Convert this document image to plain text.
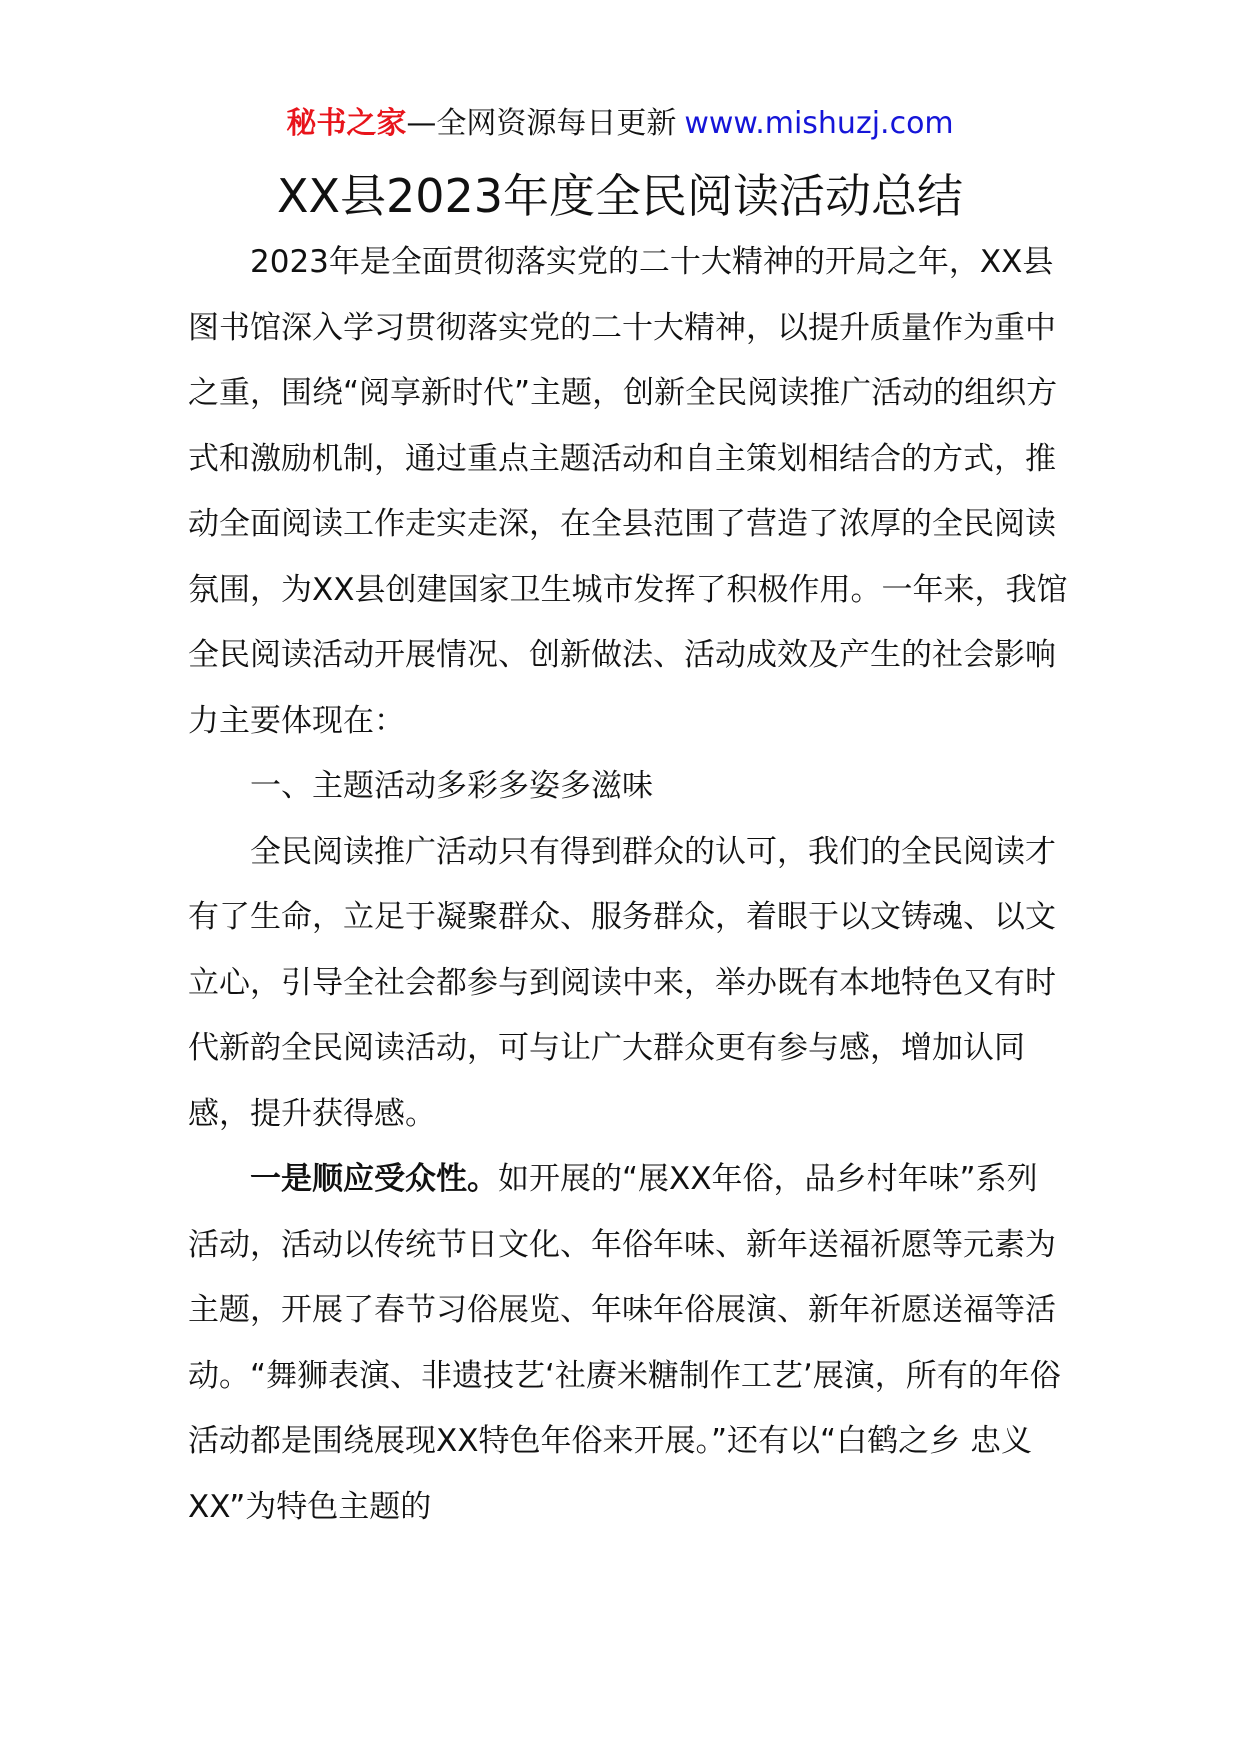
秘书之家—全网资源每日更新 www.mishuzj.com
XX县2023年度全民阅读活动总结

2023年是全面贯彻落实党的二十大精神的开局之年，XX县图书馆深入学习贯彻落实党的二十大精神，以提升质量作为重中之重，围绕“阅享新时代”主题，创新全民阅读推广活动的组织方式和激励机制，通过重点主题活动和自主策划相结合的方式，推动全面阅读工作走实走深，在全县范围了营造了浓厚的全民阅读氛围，为XX县创建国家卫生城市发挥了积极作用。一年来，我馆全民阅读活动开展情况、创新做法、活动成效及产生的社会影响力主要体现在：

一、主题活动多彩多姿多滋味

全民阅读推广活动只有得到群众的认可，我们的全民阅读才有了生命，立足于凝聚群众、服务群众，着眼于以文铸魂、以文立心，引导全社会都参与到阅读中来，举办既有本地特色又有时代新韵全民阅读活动，可与让广大群众更有参与感，增加认同感，提升获得感。

一是顺应受众性。如开展的“展XX年俗，品乡村年味”系列活动，活动以传统节日文化、年俗年味、新年送福祈愿等元素为主题，开展了春节习俗展览、年味年俗展演、新年祈愿送福等活动。“舞狮表演、非遗技艺‘社赓米糖制作工艺’展演，所有的年俗活动都是围绕展现XX特色年俗来开展。”还有以“白鹤之乡 忠义XX”为特色主题的
